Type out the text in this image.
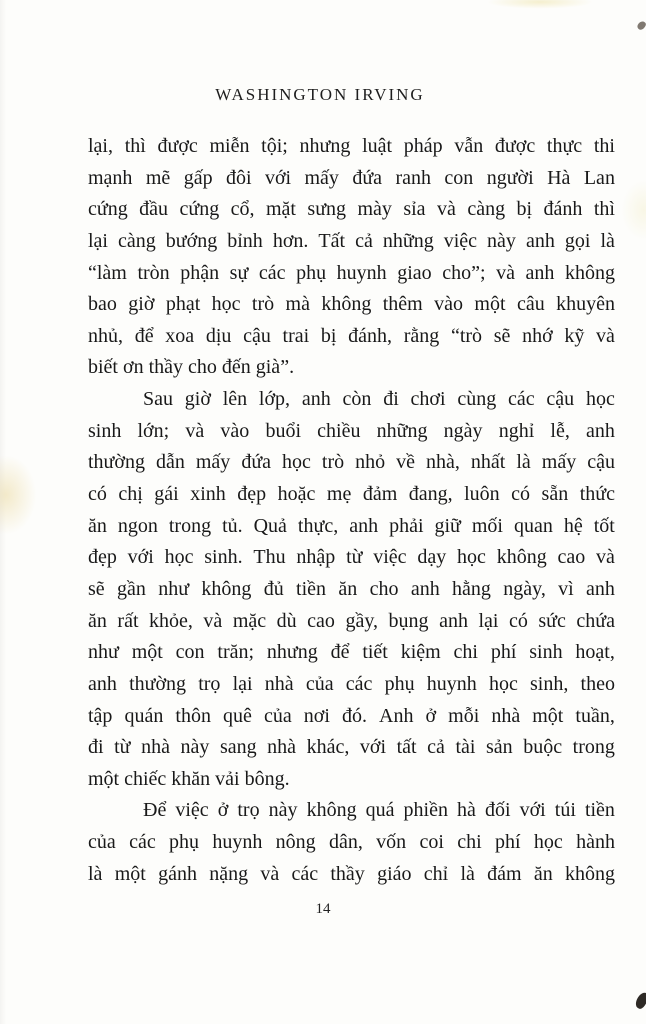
WASHINGTON IRVING
lại, thì được miễn tội; nhưng luật pháp vẫn được thực thi
mạnh mẽ gấp đôi với mấy đứa ranh con người Hà Lan
cứng đầu cứng cổ, mặt sưng mày sỉa và càng bị đánh thì
lại càng bướng bỉnh hơn. Tất cả những việc này anh gọi là
“làm tròn phận sự các phụ huynh giao cho”; và anh không
bao giờ phạt học trò mà không thêm vào một câu khuyên
nhủ, để xoa dịu cậu trai bị đánh, rằng “trò sẽ nhớ kỹ và
biết ơn thầy cho đến già”.
Sau giờ lên lớp, anh còn đi chơi cùng các cậu học
sinh lớn; và vào buổi chiều những ngày nghỉ lễ, anh
thường dẫn mấy đứa học trò nhỏ về nhà, nhất là mấy cậu
có chị gái xinh đẹp hoặc mẹ đảm đang, luôn có sẵn thức
ăn ngon trong tủ. Quả thực, anh phải giữ mối quan hệ tốt
đẹp với học sinh. Thu nhập từ việc dạy học không cao và
sẽ gần như không đủ tiền ăn cho anh hằng ngày, vì anh
ăn rất khỏe, và mặc dù cao gầy, bụng anh lại có sức chứa
như một con trăn; nhưng để tiết kiệm chi phí sinh hoạt,
anh thường trọ lại nhà của các phụ huynh học sinh, theo
tập quán thôn quê của nơi đó. Anh ở mỗi nhà một tuần,
đi từ nhà này sang nhà khác, với tất cả tài sản buộc trong
một chiếc khăn vải bông.
Để việc ở trọ này không quá phiền hà đối với túi tiền
của các phụ huynh nông dân, vốn coi chi phí học hành
là một gánh nặng và các thầy giáo chỉ là đám ăn không
14
